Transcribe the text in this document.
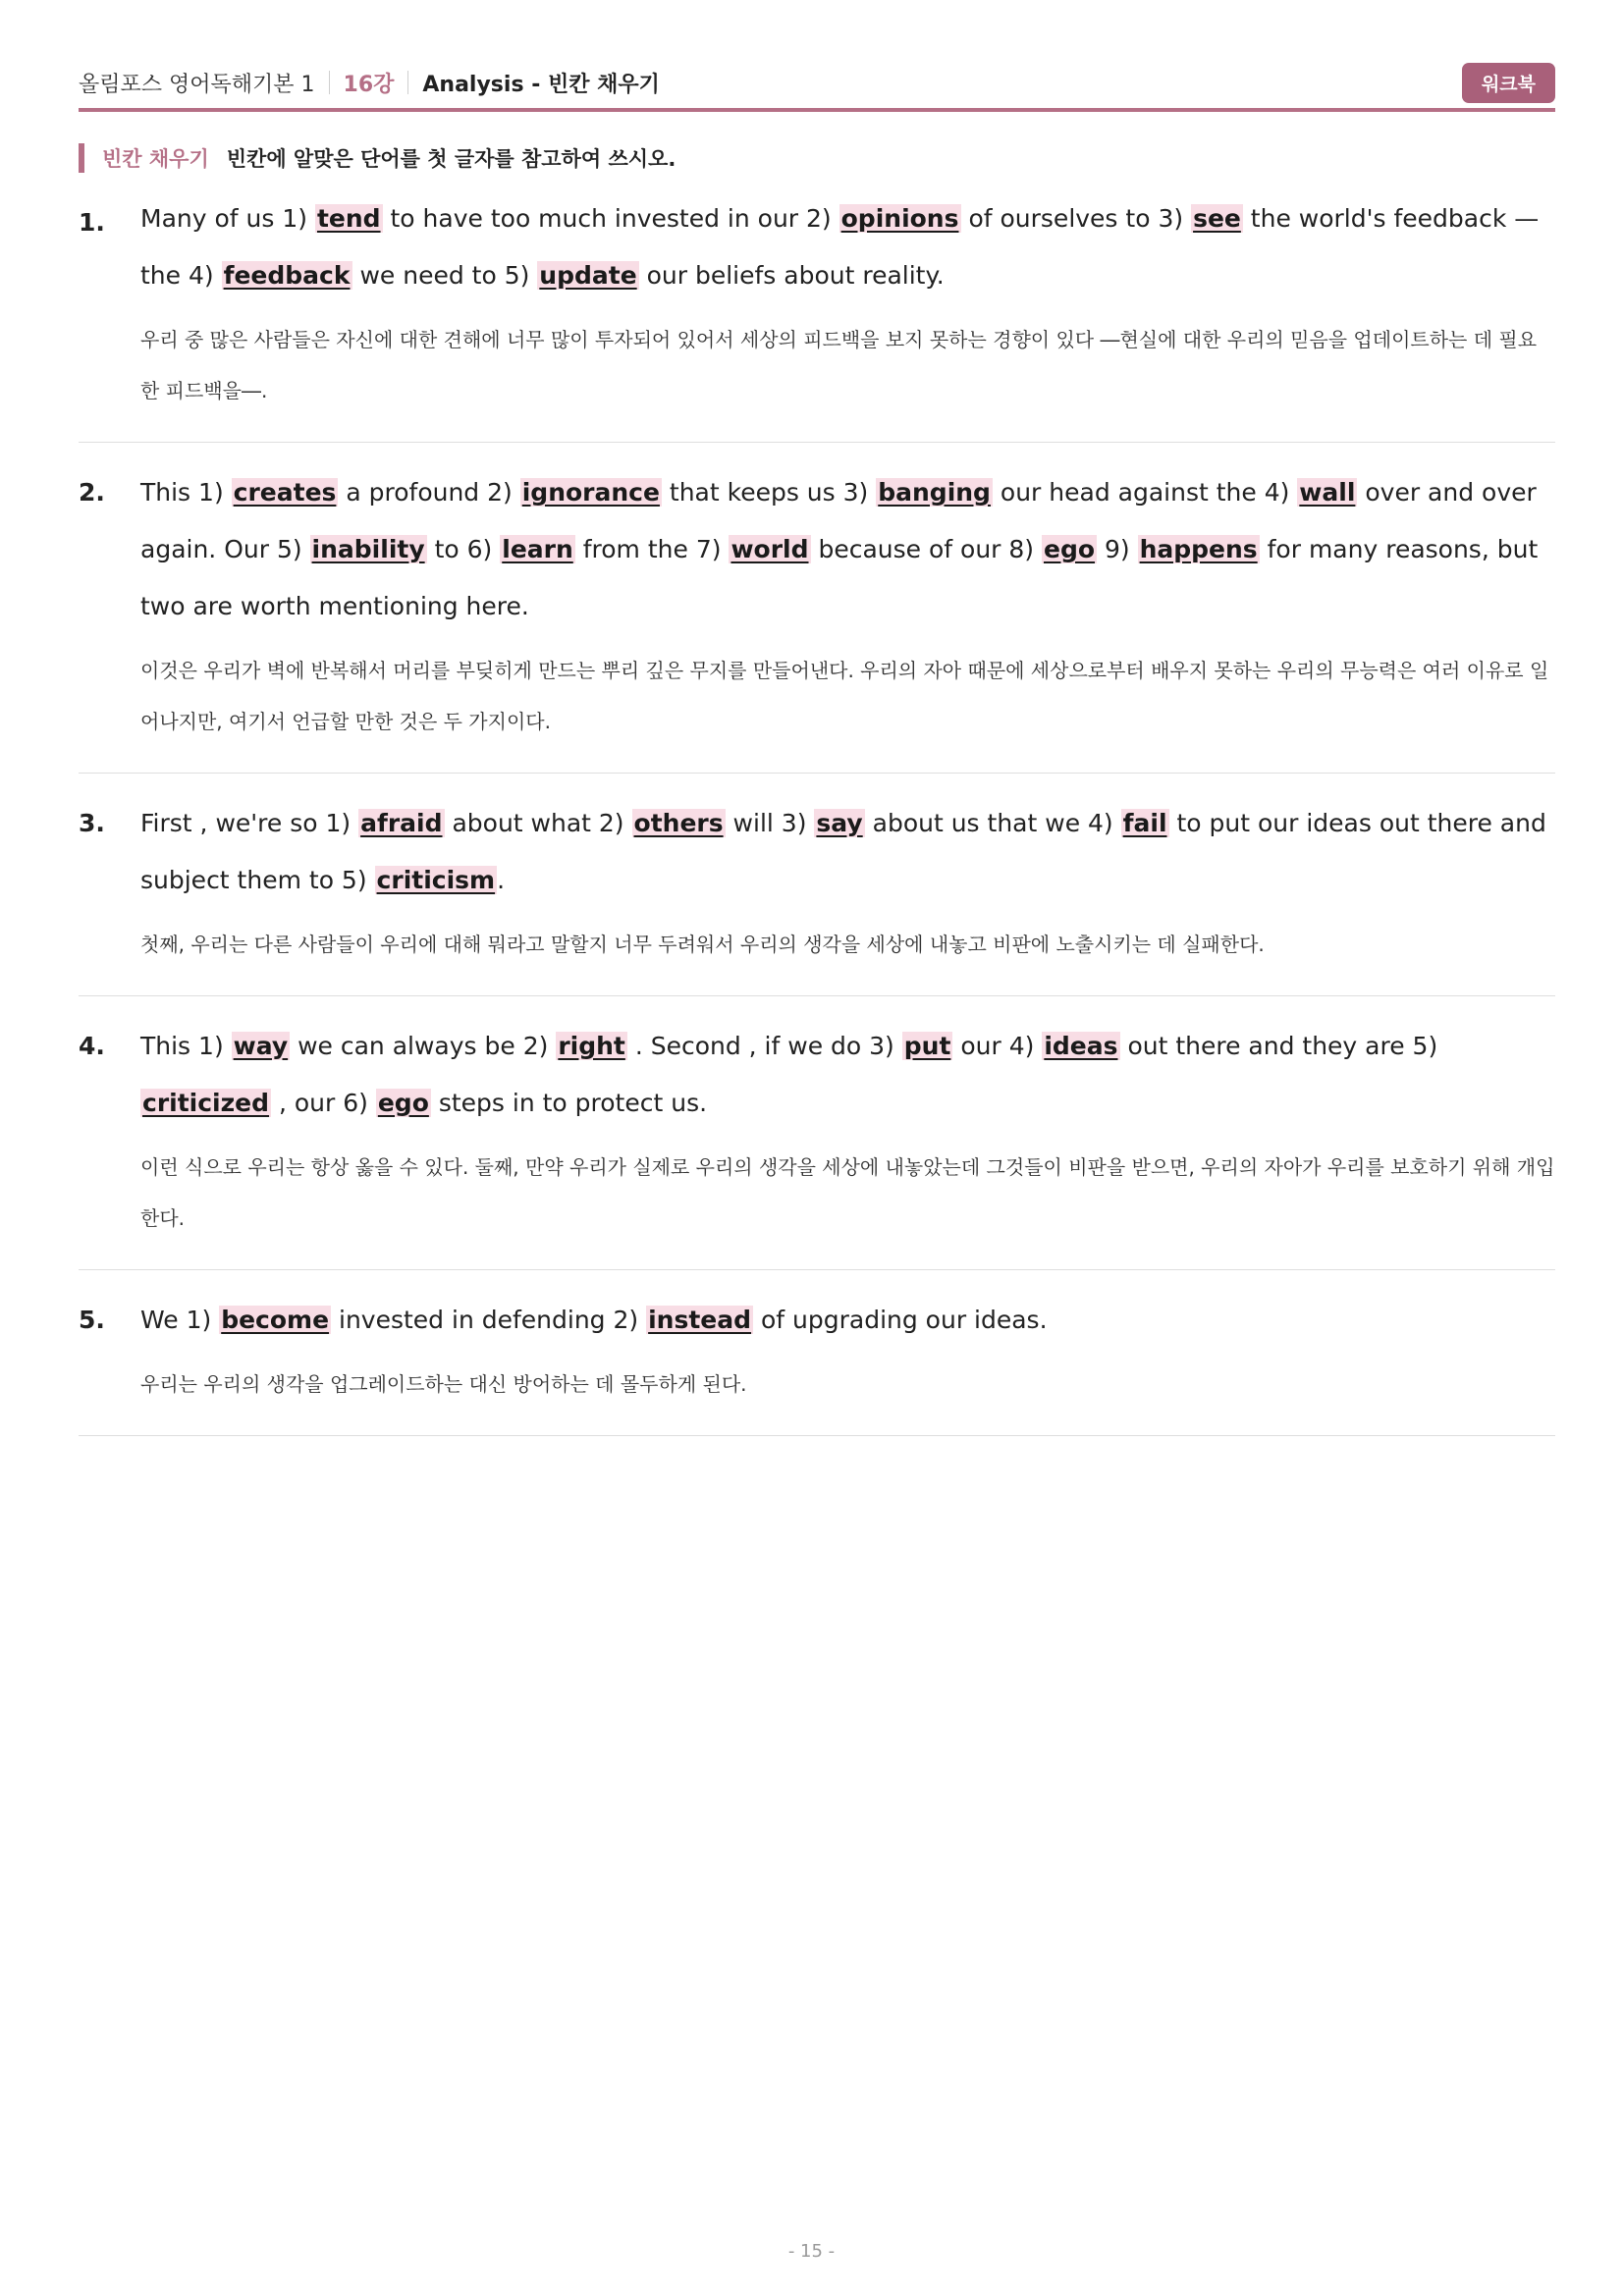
올림포스 영어독해기본 1 16강 Analysis - 빈칸 채우기	워크북
빈칸 채우기 빈칸에 알맞은 단어를 첫 글자를 참고하여 쓰시오.
1. Many of us 1) tend to have too much invested in our 2) opinions of ourselves to 3) see the world's feedback — the 4) feedback we need to 5) update our beliefs about reality.
우리 중 많은 사람들은 자신에 대한 견해에 너무 많이 투자되어 있어서 세상의 피드백을 보지 못하는 경향이 있다 ―현실에 대한 우리의 믿음을 업데이트하는 데 필요한 피드백을―.
2. This 1) creates a profound 2) ignorance that keeps us 3) banging our head against the 4) wall over and over again. Our 5) inability to 6) learn from the 7) world because of our 8) ego 9) happens for many reasons, but two are worth mentioning here.
이것은 우리가 벽에 반복해서 머리를 부딪히게 만드는 뿌리 깊은 무지를 만들어낸다. 우리의 자아 때문에 세상으로부터 배우지 못하는 우리의 무능력은 여러 이유로 일어나지만, 여기서 언급할 만한 것은 두 가지이다.
3. First , we're so 1) afraid about what 2) others will 3) say about us that we 4) fail to put our ideas out there and subject them to 5) criticism.
첫째, 우리는 다른 사람들이 우리에 대해 뭐라고 말할지 너무 두려워서 우리의 생각을 세상에 내놓고 비판에 노출시키는 데 실패한다.
4. This 1) way we can always be 2) right . Second , if we do 3) put our 4) ideas out there and they are 5) criticized , our 6) ego steps in to protect us.
이런 식으로 우리는 항상 옳을 수 있다. 둘째, 만약 우리가 실제로 우리의 생각을 세상에 내놓았는데 그것들이 비판을 받으면, 우리의 자아가 우리를 보호하기 위해 개입한다.
5. We 1) become invested in defending 2) instead of upgrading our ideas.
우리는 우리의 생각을 업그레이드하는 대신 방어하는 데 몰두하게 된다.
- 15 -
